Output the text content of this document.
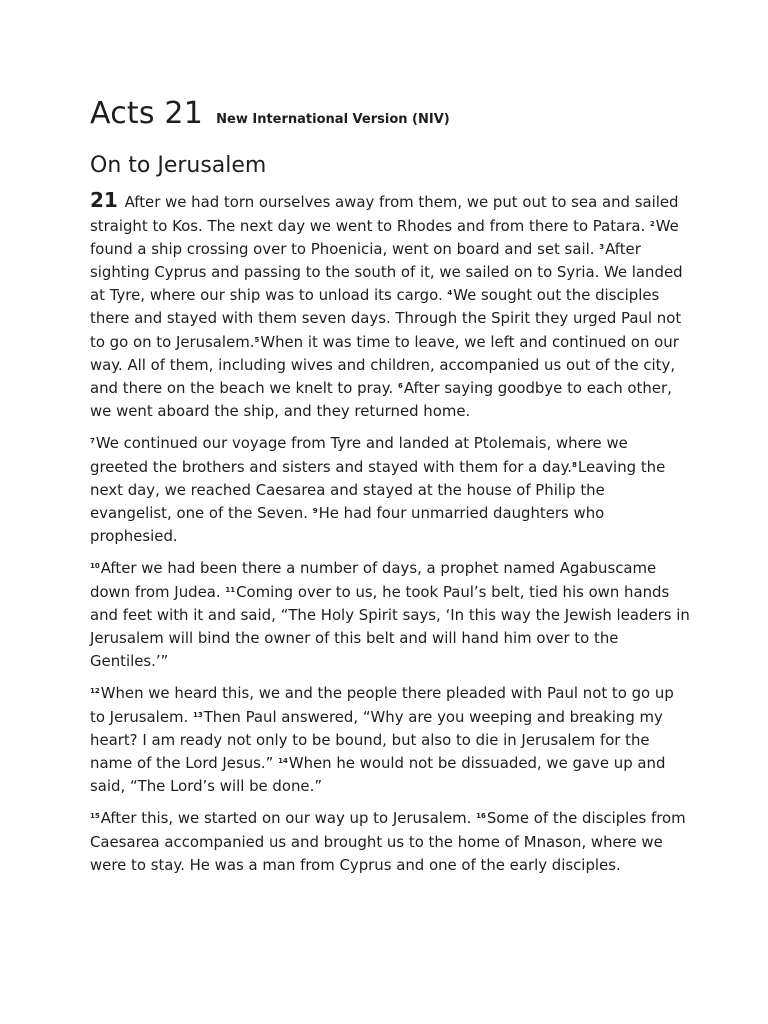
Acts 21 New International Version (NIV)
On to Jerusalem

21 After we had torn ourselves away from them, we put out to sea and sailed straight to Kos. The next day we went to Rhodes and from there to Patara. $^2$We found a ship crossing over to Phoenicia, went on board and set sail. $^3$After sighting Cyprus and passing to the south of it, we sailed on to Syria. We landed at Tyre, where our ship was to unload its cargo. $^4$We sought out the disciples there and stayed with them seven days. Through the Spirit they urged Paul not to go on to Jerusalem.$^5$When it was time to leave, we left and continued on our way. All of them, including wives and children, accompanied us out of the city, and there on the beach we knelt to pray. $^6$After saying goodbye to each other, we went aboard the ship, and they returned home.

$^7$We continued our voyage from Tyre and landed at Ptolemais, where we greeted the brothers and sisters and stayed with them for a day.$^8$Leaving the next day, we reached Caesarea and stayed at the house of Philip the evangelist, one of the Seven. $^9$He had four unmarried daughters who prophesied.

$^{10}$After we had been there a number of days, a prophet named Agabuscame down from Judea. $^{11}$Coming over to us, he took Paul’s belt, tied his own hands and feet with it and said, “The Holy Spirit says, ‘In this way the Jewish leaders in Jerusalem will bind the owner of this belt and will hand him over to the Gentiles.’”

$^{12}$When we heard this, we and the people there pleaded with Paul not to go up to Jerusalem. $^{13}$Then Paul answered, “Why are you weeping and breaking my heart? I am ready not only to be bound, but also to die in Jerusalem for the name of the Lord Jesus.” $^{14}$When he would not be dissuaded, we gave up and said, “The Lord’s will be done.”

$^{15}$After this, we started on our way up to Jerusalem. $^{16}$Some of the disciples from Caesarea accompanied us and brought us to the home of Mnason, where we were to stay. He was a man from Cyprus and one of the early disciples.
